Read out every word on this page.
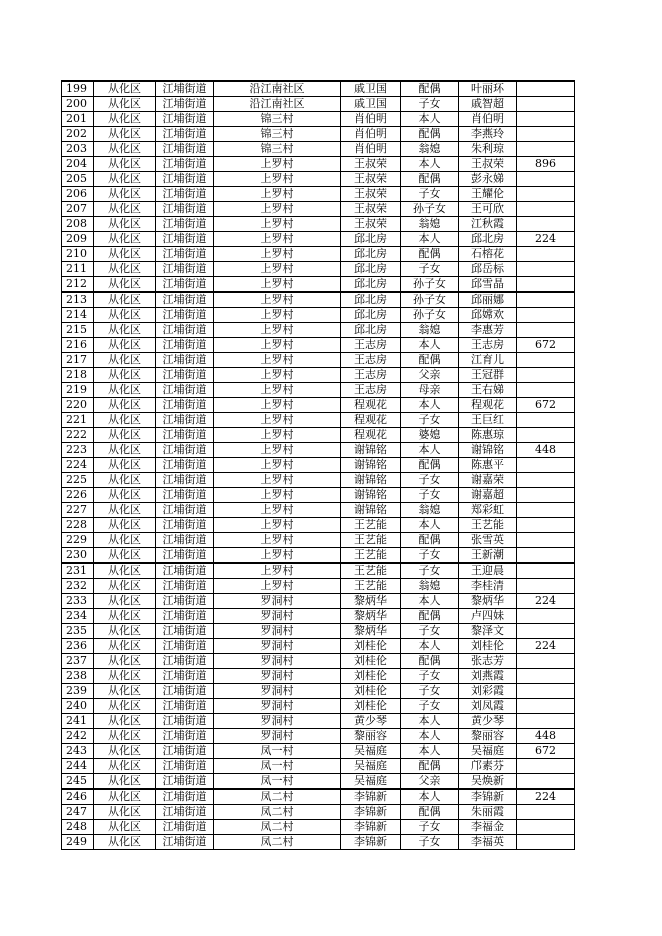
199	从化区	江埔街道	沿江南社区	戚卫国	配偶	叶丽环	
200	从化区	江埔街道	沿江南社区	戚卫国	子女	戚智超	
201	从化区	江埔街道	锦三村	肖伯明	本人	肖伯明	
202	从化区	江埔街道	锦三村	肖伯明	配偶	李燕玲	
203	从化区	江埔街道	锦三村	肖伯明	翁媳	朱利琼	
204	从化区	江埔街道	上罗村	王叔荣	本人	王叔荣	896
205	从化区	江埔街道	上罗村	王叔荣	配偶	彭永娣	
206	从化区	江埔街道	上罗村	王叔荣	子女	王耀伦	
207	从化区	江埔街道	上罗村	王叔荣	孙子女	王可欣	
208	从化区	江埔街道	上罗村	王叔荣	翁媳	江秋霞	
209	从化区	江埔街道	上罗村	邱北房	本人	邱北房	224
210	从化区	江埔街道	上罗村	邱北房	配偶	石榕花	
211	从化区	江埔街道	上罗村	邱北房	子女	邱岳标	
212	从化区	江埔街道	上罗村	邱北房	孙子女	邱雪晶	
213	从化区	江埔街道	上罗村	邱北房	孙子女	邱丽娜	
214	从化区	江埔街道	上罗村	邱北房	孙子女	邱嫦欢	
215	从化区	江埔街道	上罗村	邱北房	翁媳	李惠芳	
216	从化区	江埔街道	上罗村	王志房	本人	王志房	672
217	从化区	江埔街道	上罗村	王志房	配偶	江育儿	
218	从化区	江埔街道	上罗村	王志房	父亲	王冠群	
219	从化区	江埔街道	上罗村	王志房	母亲	王右娣	
220	从化区	江埔街道	上罗村	程观花	本人	程观花	672
221	从化区	江埔街道	上罗村	程观花	子女	王巨红	
222	从化区	江埔街道	上罗村	程观花	婆媳	陈惠琼	
223	从化区	江埔街道	上罗村	谢锦铭	本人	谢锦铭	448
224	从化区	江埔街道	上罗村	谢锦铭	配偶	陈惠平	
225	从化区	江埔街道	上罗村	谢锦铭	子女	谢嘉荣	
226	从化区	江埔街道	上罗村	谢锦铭	子女	谢嘉超	
227	从化区	江埔街道	上罗村	谢锦铭	翁媳	郑彩虹	
228	从化区	江埔街道	上罗村	王艺能	本人	王艺能	
229	从化区	江埔街道	上罗村	王艺能	配偶	张雪英	
230	从化区	江埔街道	上罗村	王艺能	子女	王新潮	
231	从化区	江埔街道	上罗村	王艺能	子女	王迎晨	
232	从化区	江埔街道	上罗村	王艺能	翁媳	李桂清	
233	从化区	江埔街道	罗洞村	黎炳华	本人	黎炳华	224
234	从化区	江埔街道	罗洞村	黎炳华	配偶	卢四妹	
235	从化区	江埔街道	罗洞村	黎炳华	子女	黎泽文	
236	从化区	江埔街道	罗洞村	刘桂伦	本人	刘桂伦	224
237	从化区	江埔街道	罗洞村	刘桂伦	配偶	张志芳	
238	从化区	江埔街道	罗洞村	刘桂伦	子女	刘燕霞	
239	从化区	江埔街道	罗洞村	刘桂伦	子女	刘彩霞	
240	从化区	江埔街道	罗洞村	刘桂伦	子女	刘凤霞	
241	从化区	江埔街道	罗洞村	黄少琴	本人	黄少琴	
242	从化区	江埔街道	罗洞村	黎丽容	本人	黎丽容	448
243	从化区	江埔街道	凤一村	吴福庭	本人	吴福庭	672
244	从化区	江埔街道	凤一村	吴福庭	配偶	邝素芬	
245	从化区	江埔街道	凤一村	吴福庭	父亲	吴焕新	
246	从化区	江埔街道	凤二村	李锦新	本人	李锦新	224
247	从化区	江埔街道	凤二村	李锦新	配偶	朱丽霞	
248	从化区	江埔街道	凤二村	李锦新	子女	李福金	
249	从化区	江埔街道	凤二村	李锦新	子女	李福英	
